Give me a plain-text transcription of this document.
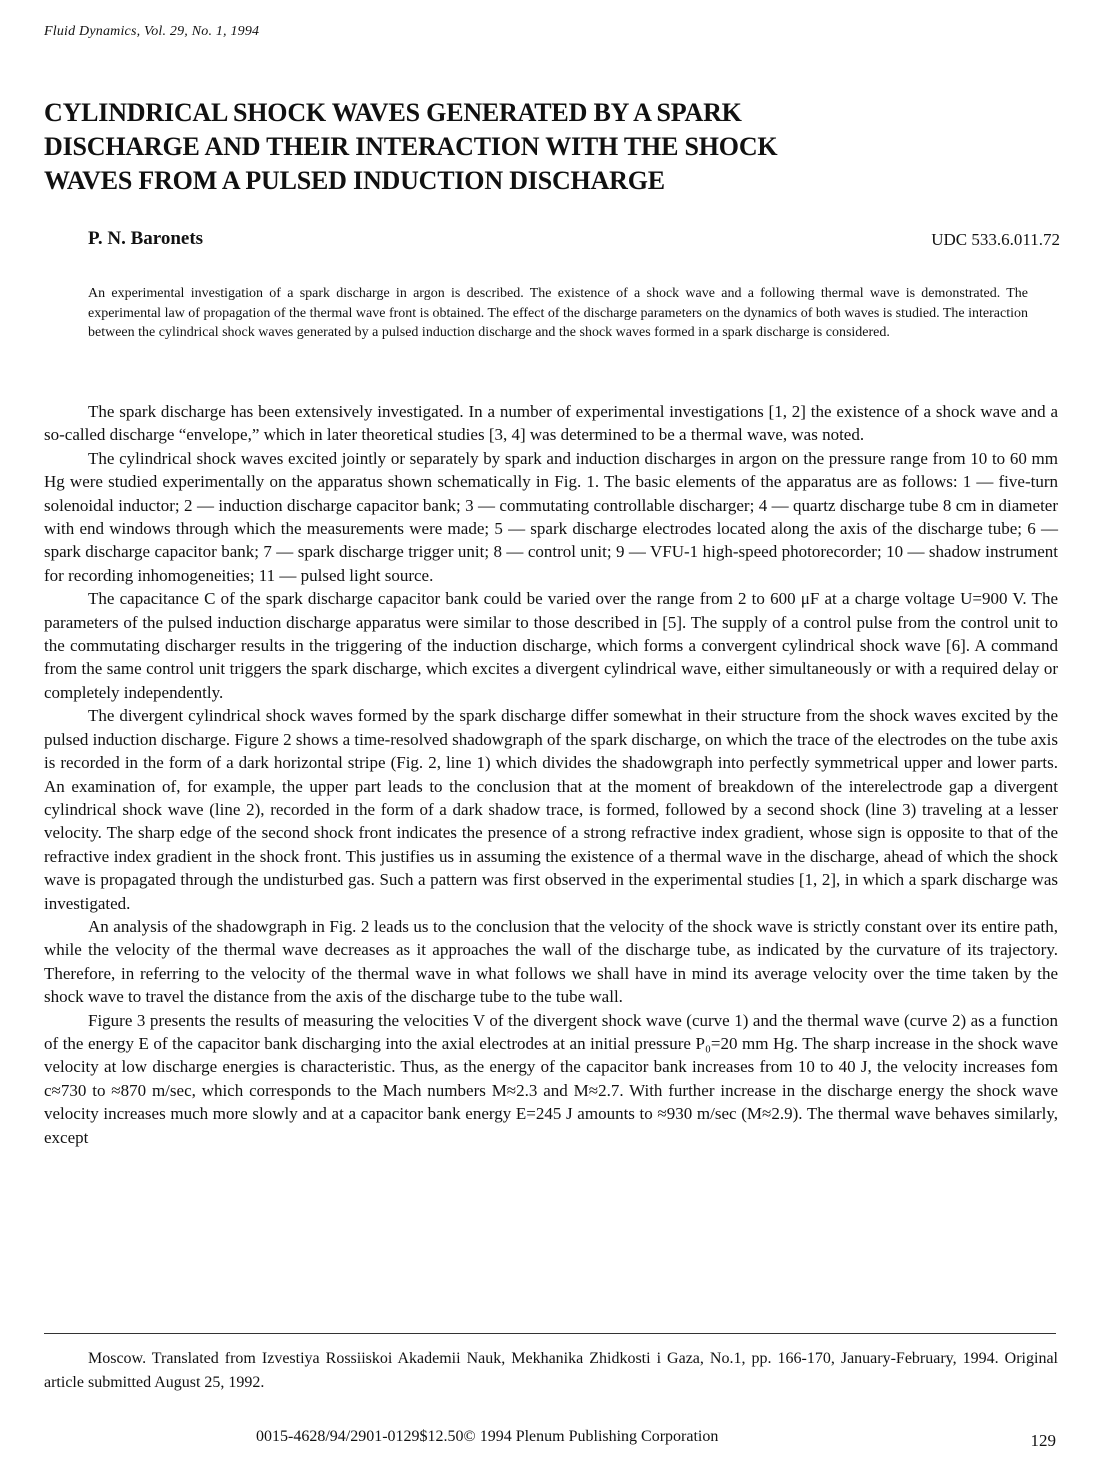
Fluid Dynamics, Vol. 29, No. 1, 1994
CYLINDRICAL SHOCK WAVES GENERATED BY A SPARK
DISCHARGE AND THEIR INTERACTION WITH THE SHOCK
WAVES FROM A PULSED INDUCTION DISCHARGE
P. N. Baronets	UDC 533.6.011.72

An experimental investigation of a spark discharge in argon is described. The existence of a shock wave and a following thermal wave is demonstrated. The experimental law of propagation of the thermal wave front is obtained. The effect of the discharge parameters on the dynamics of both waves is studied. The interaction between the cylindrical shock waves generated by a pulsed induction discharge and the shock waves formed in a spark discharge is considered.

The spark discharge has been extensively investigated. In a number of experimental investigations [1, 2] the existence of a shock wave and a so-called discharge “envelope,” which in later theoretical studies [3, 4] was determined to be a thermal wave, was noted.

The cylindrical shock waves excited jointly or separately by spark and induction discharges in argon on the pressure range from 10 to 60 mm Hg were studied experimentally on the apparatus shown schematically in Fig. 1. The basic elements of the apparatus are as follows: 1 — five-turn solenoidal inductor; 2 — induction discharge capacitor bank; 3 — commutating controllable discharger; 4 — quartz discharge tube 8 cm in diameter with end windows through which the measurements were made; 5 — spark discharge electrodes located along the axis of the discharge tube; 6 — spark discharge capacitor bank; 7 — spark discharge trigger unit; 8 — control unit; 9 — VFU-1 high-speed photorecorder; 10 — shadow instrument for recording inhomogeneities; 11 — pulsed light source.

The capacitance C of the spark discharge capacitor bank could be varied over the range from 2 to 600 μF at a charge voltage U=900 V. The parameters of the pulsed induction discharge apparatus were similar to those described in [5]. The supply of a control pulse from the control unit to the commutating discharger results in the triggering of the induction discharge, which forms a convergent cylindrical shock wave [6]. A command from the same control unit triggers the spark discharge, which excites a divergent cylindrical wave, either simultaneously or with a required delay or completely independently.

The divergent cylindrical shock waves formed by the spark discharge differ somewhat in their structure from the shock waves excited by the pulsed induction discharge. Figure 2 shows a time-resolved shadowgraph of the spark discharge, on which the trace of the electrodes on the tube axis is recorded in the form of a dark horizontal stripe (Fig. 2, line 1) which divides the shadowgraph into perfectly symmetrical upper and lower parts. An examination of, for example, the upper part leads to the conclusion that at the moment of breakdown of the interelectrode gap a divergent cylindrical shock wave (line 2), recorded in the form of a dark shadow trace, is formed, followed by a second shock (line 3) traveling at a lesser velocity. The sharp edge of the second shock front indicates the presence of a strong refractive index gradient, whose sign is opposite to that of the refractive index gradient in the shock front. This justifies us in assuming the existence of a thermal wave in the discharge, ahead of which the shock wave is propagated through the undisturbed gas. Such a pattern was first observed in the experimental studies [1, 2], in which a spark discharge was investigated.

An analysis of the shadowgraph in Fig. 2 leads us to the conclusion that the velocity of the shock wave is strictly constant over its entire path, while the velocity of the thermal wave decreases as it approaches the wall of the discharge tube, as indicated by the curvature of its trajectory. Therefore, in referring to the velocity of the thermal wave in what follows we shall have in mind its average velocity over the time taken by the shock wave to travel the distance from the axis of the discharge tube to the tube wall.

Figure 3 presents the results of measuring the velocities V of the divergent shock wave (curve 1) and the thermal wave (curve 2) as a function of the energy E of the capacitor bank discharging into the axial electrodes at an initial pressure P₀=20 mm Hg. The sharp increase in the shock wave velocity at low discharge energies is characteristic. Thus, as the energy of the capacitor bank increases from 10 to 40 J, the velocity increases fom c≈730 to ≈870 m/sec, which corresponds to the Mach numbers M≈2.3 and M≈2.7. With further increase in the discharge energy the shock wave velocity increases much more slowly and at a capacitor bank energy E=245 J amounts to ≈930 m/sec (M≈2.9). The thermal wave behaves similarly, except

Moscow. Translated from Izvestiya Rossiiskoi Akademii Nauk, Mekhanika Zhidkosti i Gaza, No.1, pp. 166-170, January-February, 1994. Original article submitted August 25, 1992.

0015-4628/94/2901-0129$12.50© 1994 Plenum Publishing Corporation	129
